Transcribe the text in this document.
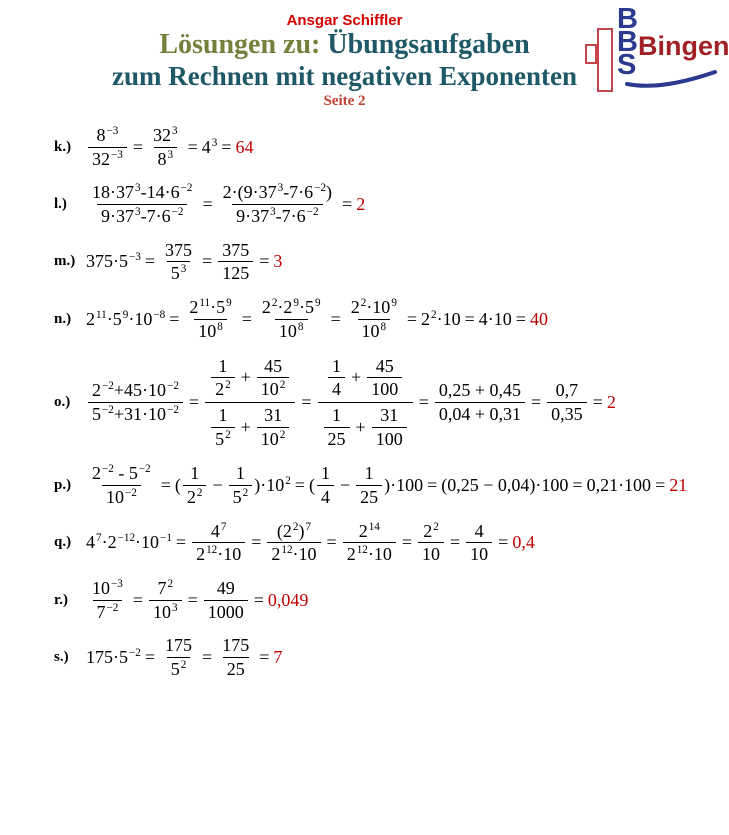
Ansgar Schiffler
Lösungen zu: Übungsaufgaben
zum Rechnen mit negativen Exponenten
Seite 2
B
B
S
Bingen
$k.) \frac{8^{-3}}{32^{-3}} = \frac{32^3}{8^3} = 4^3 = 64$
l.)	$\frac{18\cdot 37^3 -14\cdot 6^{-2}}{9\cdot 37^3 -7\cdot 6^{-2}} = \frac{2\cdot(9\cdot 37^3 -7\cdot 6^{-2} )}{9\cdot 37^3 -7\cdot 6^{-2}} = 2$
m.) $375\cdot 5^{-3} = \frac{375}{5^3} = \frac{375}{125} = 3$
n.) $2^{11} \cdot 5^9 \cdot 10^{-8} = \frac{2^{11} \cdot 5^9}{10^8} = \frac{2^2 \cdot 2^9 \cdot 5^9}{10^8} = \frac{2^2 \cdot 10^9}{10^8} = 2^2 \cdot 10 = 4\cdot 10 = 40$
$o.) \frac{2^{-2} +45\cdot 10^{-2}}{5^{-2} +31\cdot 10^{-2}} = \frac{\frac{1}{2^2} + \frac{45}{10^2}}{\frac{1}{5^2} + \frac{31}{10^2}} = \frac{\frac{1}{4} + \frac{45}{100}}{\frac{1}{25} + \frac{31}{100}} = \frac{0,25 + 0,45}{0,04 + 0,31} = \frac{0,7}{0,35} = 2$
$p.) \frac{2^{-2} - 5^{-2}}{10^{-2}}$ = ( $\frac{1}{2^2} - \frac{1}{5^2} )\cdot 10^2$ = ( $\frac{1}{4} - \frac{1}{25} )\cdot 100 = (0,25 - 0,04)\cdot 100 = 0,21\cdot 100 = 21$
q.) $4^7 \cdot 2^{-12} \cdot 10^{-1} = \frac{4^7}{2^{12} \cdot 10} = \frac{(2^2 )^7}{2^{12} \cdot 10} = \frac{2^{14}}{2^{12} \cdot 10} = \frac{2^2}{10} = \frac{4}{10} = 0,4$
r.)	$\frac{10^{-3}}{7^{-2}} = \frac{7^2}{10^3} = \frac{49}{1000} = 0,049$
s.) $175\cdot 5^{-2} = \frac{175}{5^2} = \frac{175}{25} = 7$
